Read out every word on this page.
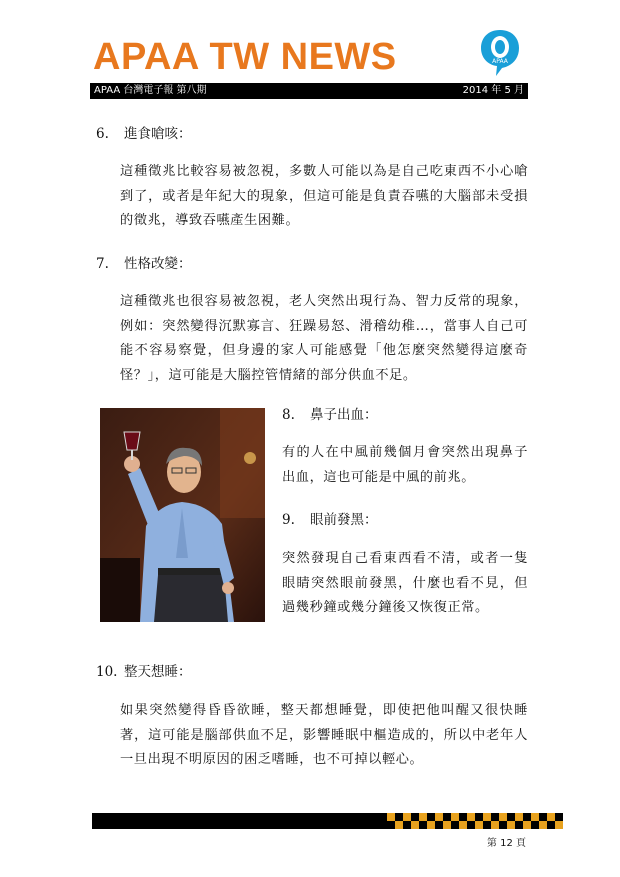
APAA TW NEWS	APAA
APAA 台灣電子報 第八期	2014 年 5 月
6. 進食嗆咳：
這種徵兆比較容易被忽視，多數人可能以為是自己吃東西不小心嗆到了，或者是年紀大的現象，但這可能是負責吞嚥的大腦部未受損的徵兆，導致吞嚥產生困難。
7. 性格改變：
這種徵兆也很容易被忽視，老人突然出現行為、智力反常的現象，例如：突然變得沉默寡言、狂躁易怒、滑稽幼稚…，當事人自己可能不容易察覺，但身邊的家人可能感覺「他怎麼突然變得這麼奇怪？」，這可能是大腦控管情緒的部分供血不足。
8. 鼻子出血：
有的人在中風前幾個月會突然出現鼻子出血，這也可能是中風的前兆。
9. 眼前發黑：
突然發現自己看東西看不清，或者一隻眼睛突然眼前發黑，什麼也看不見，但過幾秒鐘或幾分鐘後又恢復正常。
10. 整天想睡：
如果突然變得昏昏欲睡，整天都想睡覺，即使把他叫醒又很快睡著，這可能是腦部供血不足，影響睡眠中樞造成的，所以中老年人一旦出現不明原因的困乏嗜睡，也不可掉以輕心。
第 12 頁
